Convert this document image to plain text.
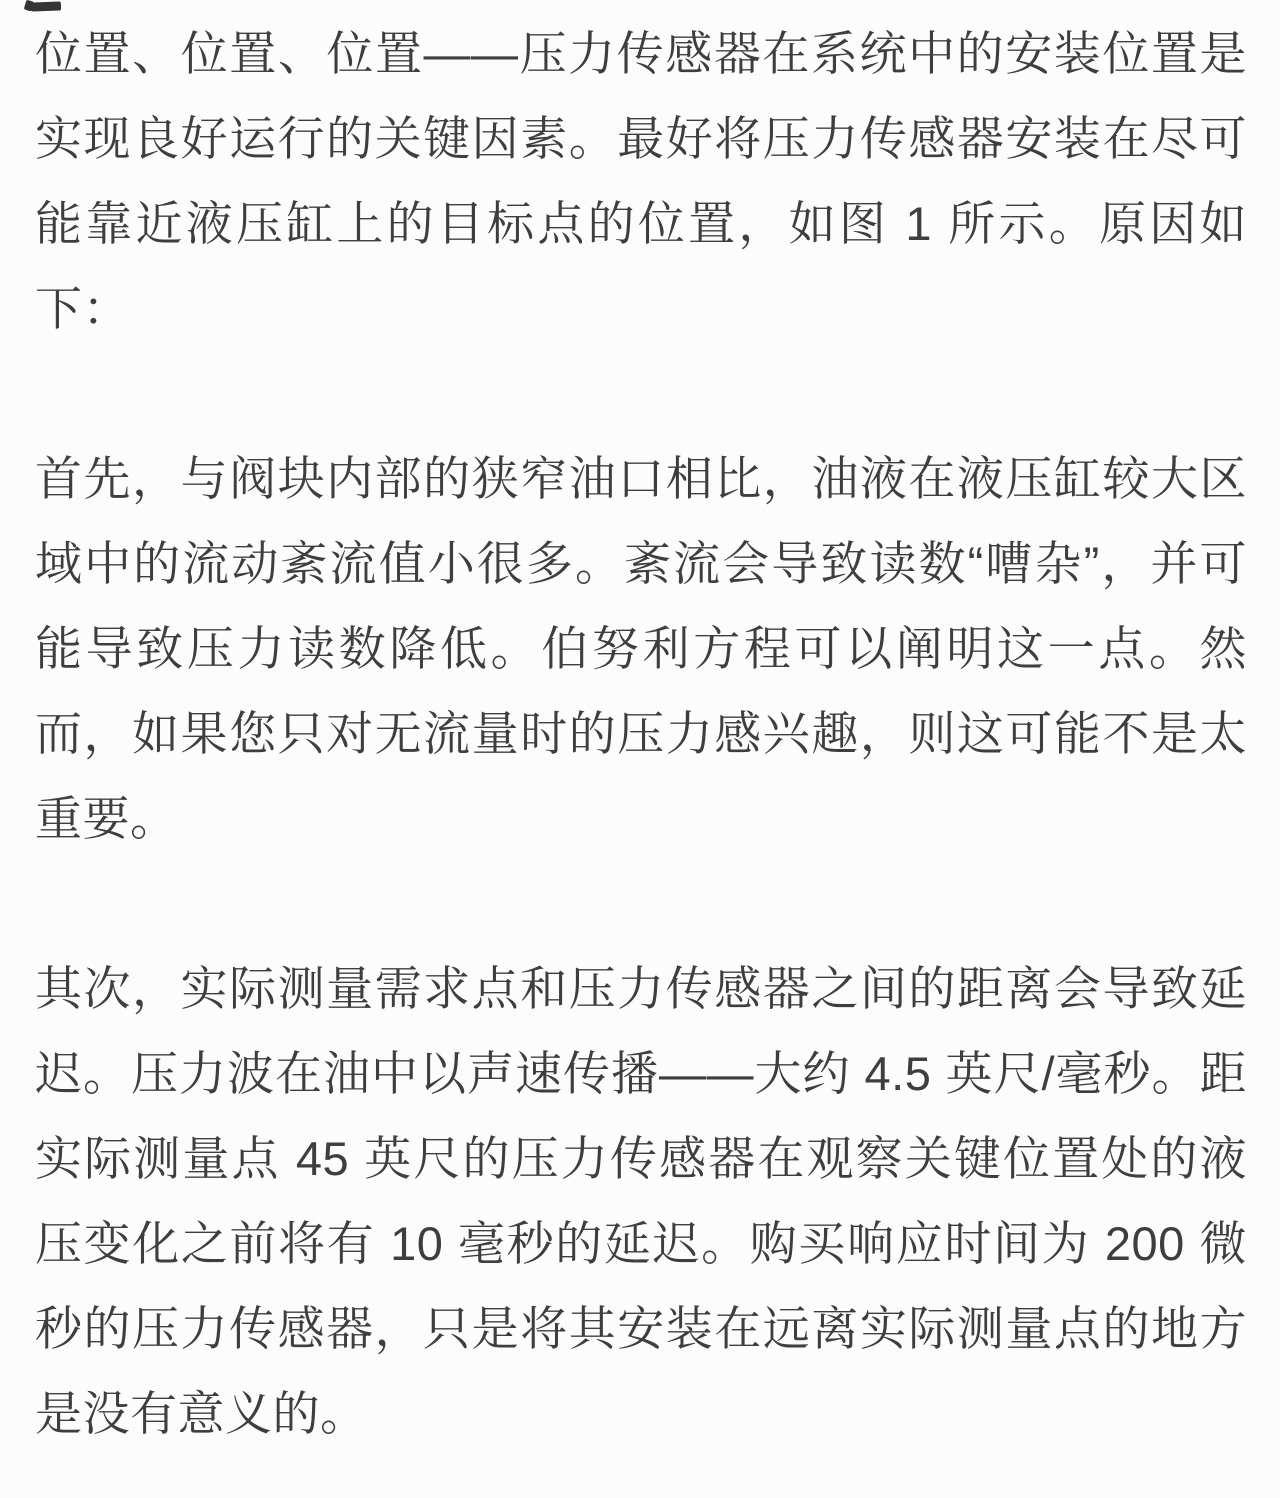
位置、位置、位置——压力传感器在系统中的安装位置是
实现良好运行的关键因素。最好将压力传感器安装在尽可
能靠近液压缸上的目标点的位置，如图 1 所示。原因如
下：
首先，与阀块内部的狭窄油口相比，油液在液压缸较大区
域中的流动紊流值小很多。紊流会导致读数“嘈杂”，并可
能导致压力读数降低。伯努利方程可以阐明这一点。然
而，如果您只对无流量时的压力感兴趣，则这可能不是太
重要。
其次，实际测量需求点和压力传感器之间的距离会导致延
迟。压力波在油中以声速传播——大约 4.5 英尺/毫秒。距
实际测量点 45 英尺的压力传感器在观察关键位置处的液
压变化之前将有 10 毫秒的延迟。购买响应时间为 200 微
秒的压力传感器，只是将其安装在远离实际测量点的地方
是没有意义的。
